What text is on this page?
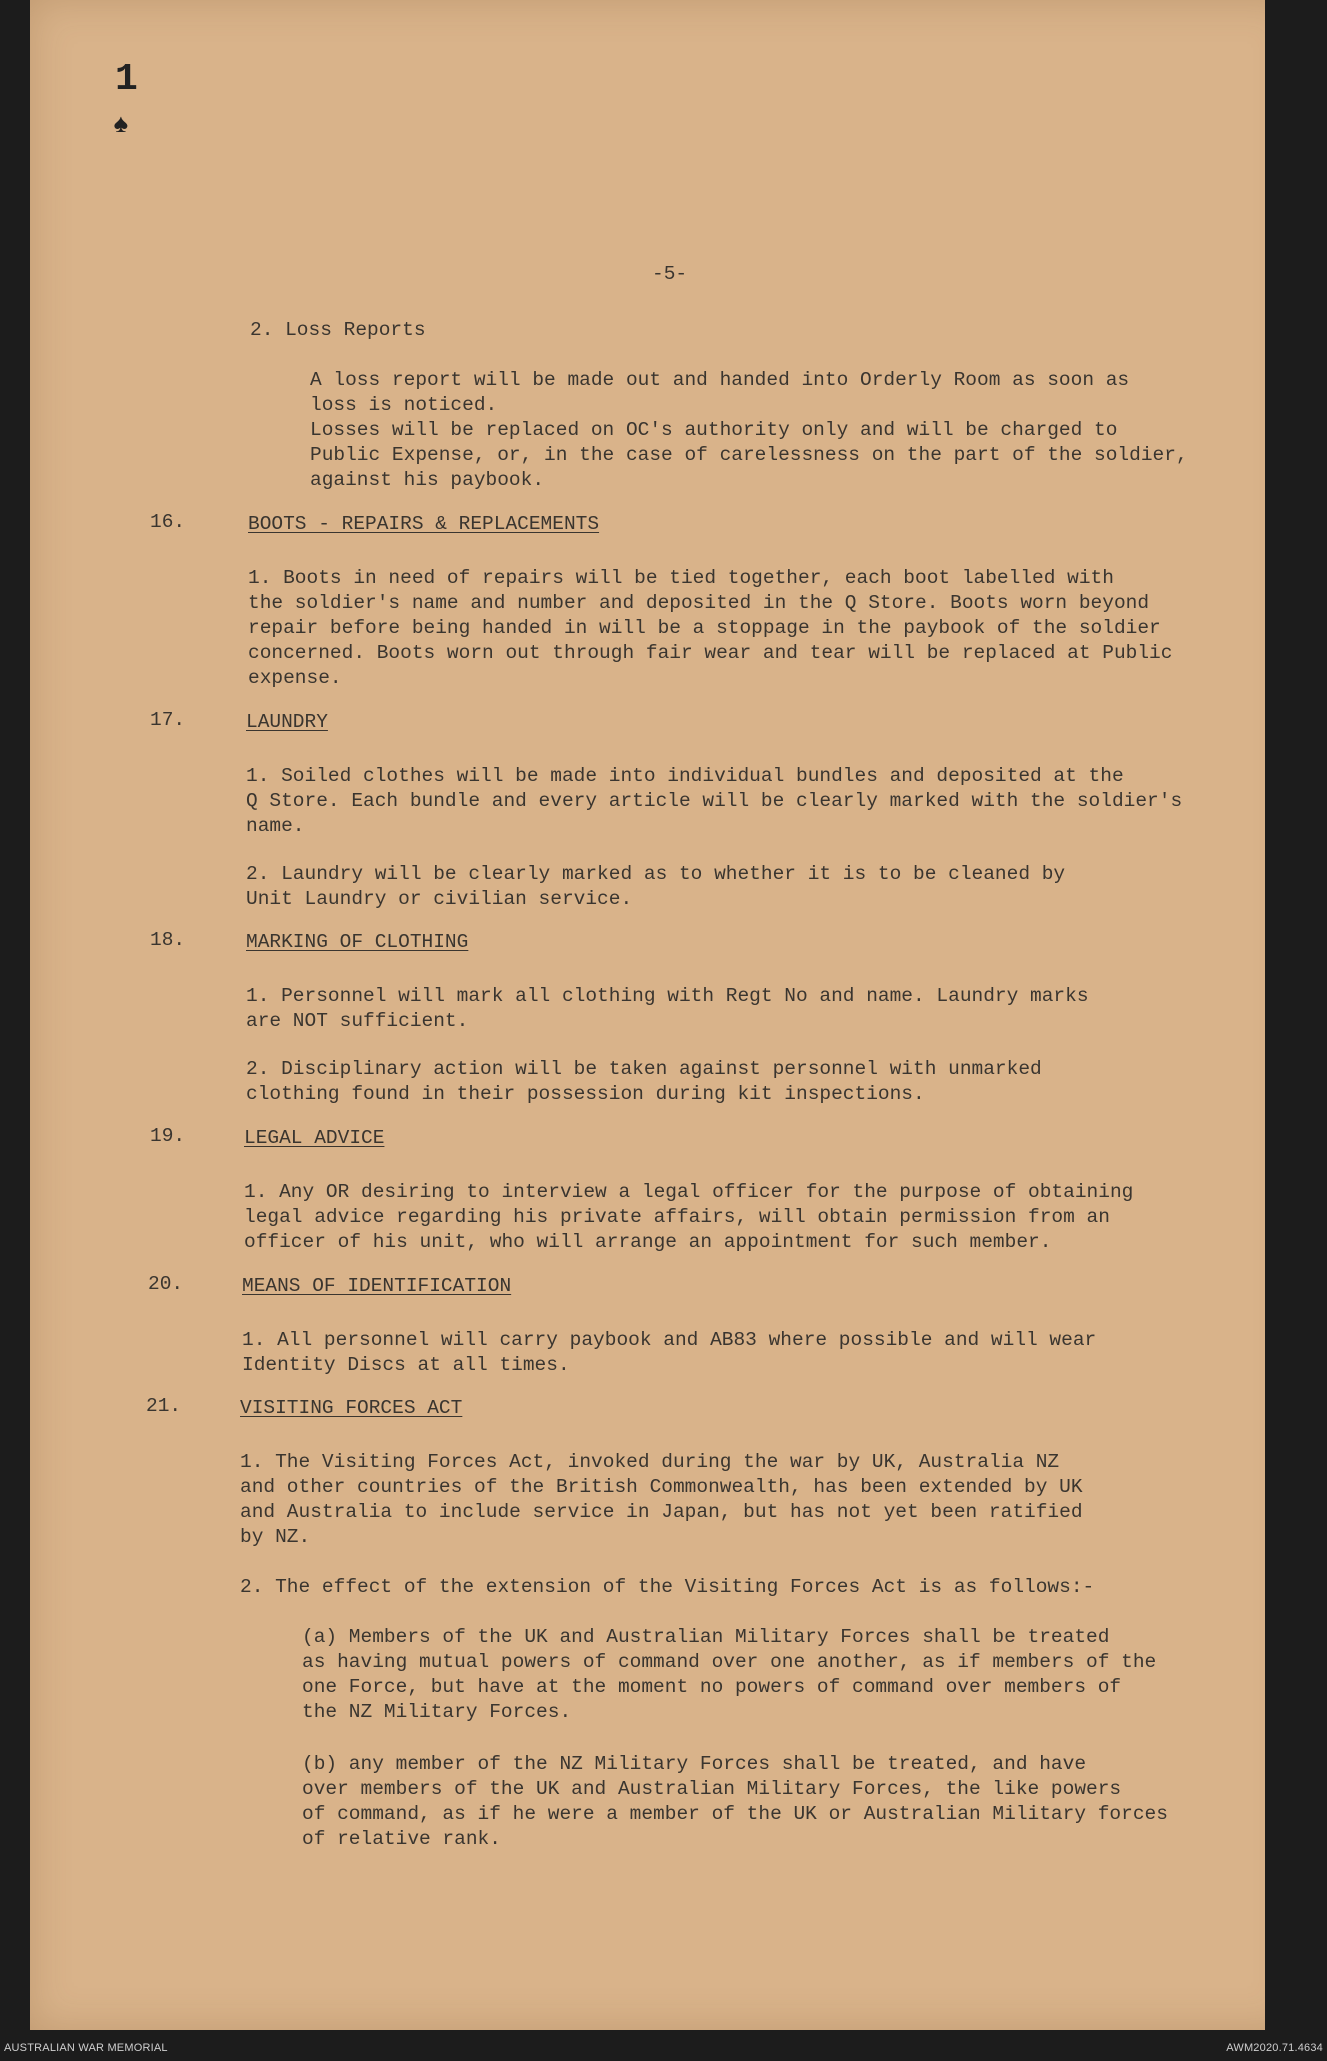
1
♠
-5-
2. Loss Reports
A loss report will be made out and handed into Orderly Room as soon as
loss is noticed.
Losses will be replaced on OC's authority only and will be charged to
Public Expense, or, in the case of carelessness on the part of the soldier,
against his paybook.
16.	BOOTS - REPAIRS & REPLACEMENTS
1. Boots in need of repairs will be tied together, each boot labelled with
the soldier's name and number and deposited in the Q Store. Boots worn beyond
repair before being handed in will be a stoppage in the paybook of the soldier
concerned. Boots worn out through fair wear and tear will be replaced at Public
expense.
17.	LAUNDRY
1. Soiled clothes will be made into individual bundles and deposited at the
Q Store. Each bundle and every article will be clearly marked with the soldier's
name.
2. Laundry will be clearly marked as to whether it is to be cleaned by
Unit Laundry or civilian service.
18.	MARKING OF CLOTHING
1. Personnel will mark all clothing with Regt No and name. Laundry marks
are NOT sufficient.
2. Disciplinary action will be taken against personnel with unmarked
clothing found in their possession during kit inspections.
19.	LEGAL ADVICE
1. Any OR desiring to interview a legal officer for the purpose of obtaining
legal advice regarding his private affairs, will obtain permission from an
officer of his unit, who will arrange an appointment for such member.
20.	MEANS OF IDENTIFICATION
1. All personnel will carry paybook and AB83 where possible and will wear
Identity Discs at all times.
21.	VISITING FORCES ACT
1. The Visiting Forces Act, invoked during the war by UK, Australia NZ
and other countries of the British Commonwealth, has been extended by UK
and Australia to include service in Japan, but has not yet been ratified
by NZ.
2. The effect of the extension of the Visiting Forces Act is as follows:-
(a) Members of the UK and Australian Military Forces shall be treated
as having mutual powers of command over one another, as if members of the
one Force, but have at the moment no powers of command over members of
the NZ Military Forces.
(b) any member of the NZ Military Forces shall be treated, and have
over members of the UK and Australian Military Forces, the like powers
of command, as if he were a member of the UK or Australian Military forces
of relative rank.
AUSTRALIAN WAR MEMORIAL	AWM2020.71.4634
